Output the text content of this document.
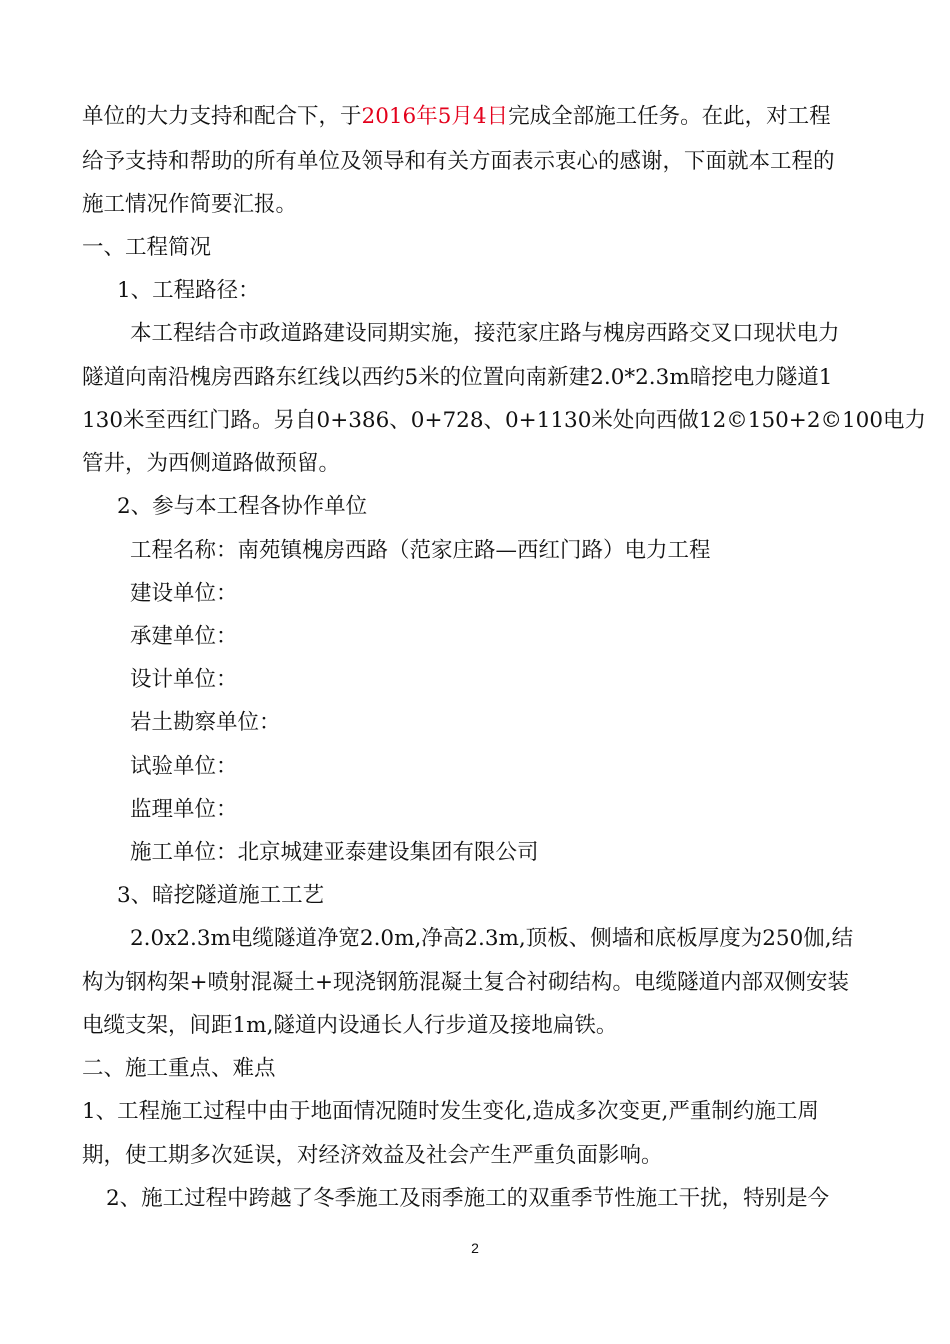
单位的大力支持和配合下，于2016年5月4日完成全部施工任务。在此，对工程
给予支持和帮助的所有单位及领导和有关方面表示衷心的感谢，下面就本工程的
施工情况作简要汇报。
一、工程简况
1、工程路径：
本工程结合市政道路建设同期实施，接范家庄路与槐房西路交叉口现状电力
隧道向南沿槐房西路东红线以西约5米的位置向南新建2.0*2.3m暗挖电力隧道1
130米至西红门路。另自0+386、0+728、0+1130米处向西做12©150+2©100电力
管井，为西侧道路做预留。
2、参与本工程各协作单位
工程名称：南苑镇槐房西路（范家庄路—西红门路）电力工程
建设单位：
承建单位：
设计单位：
岩土勘察单位：
试验单位：
监理单位：
施工单位：北京城建亚泰建设集团有限公司
3、暗挖隧道施工工艺
2.0x2.3m电缆隧道净宽2.0m,净高2.3m,顶板、侧墙和底板厚度为250伽,结
构为钢构架+喷射混凝土+现浇钢筋混凝土复合衬砌结构。电缆隧道内部双侧安装
电缆支架，间距1m,隧道内设通长人行步道及接地扁铁。
二、施工重点、难点
1、工程施工过程中由于地面情况随时发生变化,造成多次变更,严重制约施工周
期，使工期多次延误，对经济效益及社会产生严重负面影响。
2、施工过程中跨越了冬季施工及雨季施工的双重季节性施工干扰，特别是今
2
